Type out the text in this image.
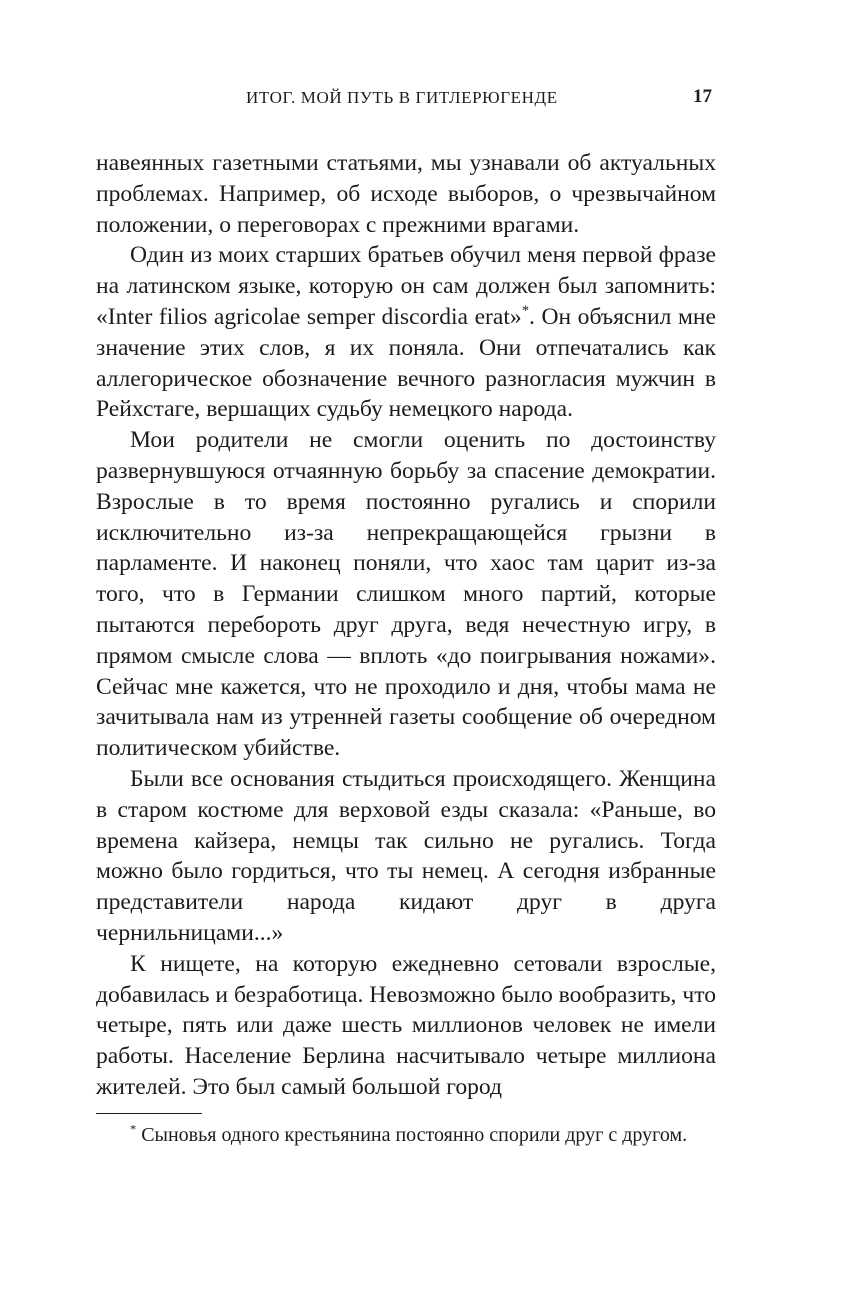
ИТОГ. МОЙ ПУТЬ В ГИТЛЕРЮГЕНДЕ	17

навеянных газетными статьями, мы узнавали об актуальных проблемах. Например, об исходе выборов, о чрезвычайном положении, о переговорах с прежними врагами.

Один из моих старших братьев обучил меня первой фразе на латинском языке, которую он сам должен был запомнить: «Inter filios agricolae semper discordia erat»*. Он объяснил мне значение этих слов, я их поняла. Они отпечатались как аллегорическое обозначение вечного разногласия мужчин в Рейхстаге, вершащих судьбу немецкого народа.

Мои родители не смогли оценить по достоинству развернувшуюся отчаянную борьбу за спасение демократии. Взрослые в то время постоянно ругались и спорили исключительно из-за непрекращающейся грызни в парламенте. И наконец поняли, что хаос там царит из-за того, что в Германии слишком много партий, которые пытаются перебороть друг друга, ведя нечестную игру, в прямом смысле слова — вплоть «до поигрывания ножами». Сейчас мне кажется, что не проходило и дня, чтобы мама не зачитывала нам из утренней газеты сообщение об очередном политическом убийстве.

Были все основания стыдиться происходящего. Женщина в старом костюме для верховой езды сказала: «Раньше, во времена кайзера, немцы так сильно не ругались. Тогда можно было гордиться, что ты немец. А сегодня избранные представители народа кидают друг в друга чернильницами...»

К нищете, на которую ежедневно сетовали взрослые, добавилась и безработица. Невозможно было вообразить, что четыре, пять или даже шесть миллионов человек не имели работы. Население Берлина насчитывало четыре миллиона жителей. Это был самый большой город

* Сыновья одного крестьянина постоянно спорили друг с другом.
